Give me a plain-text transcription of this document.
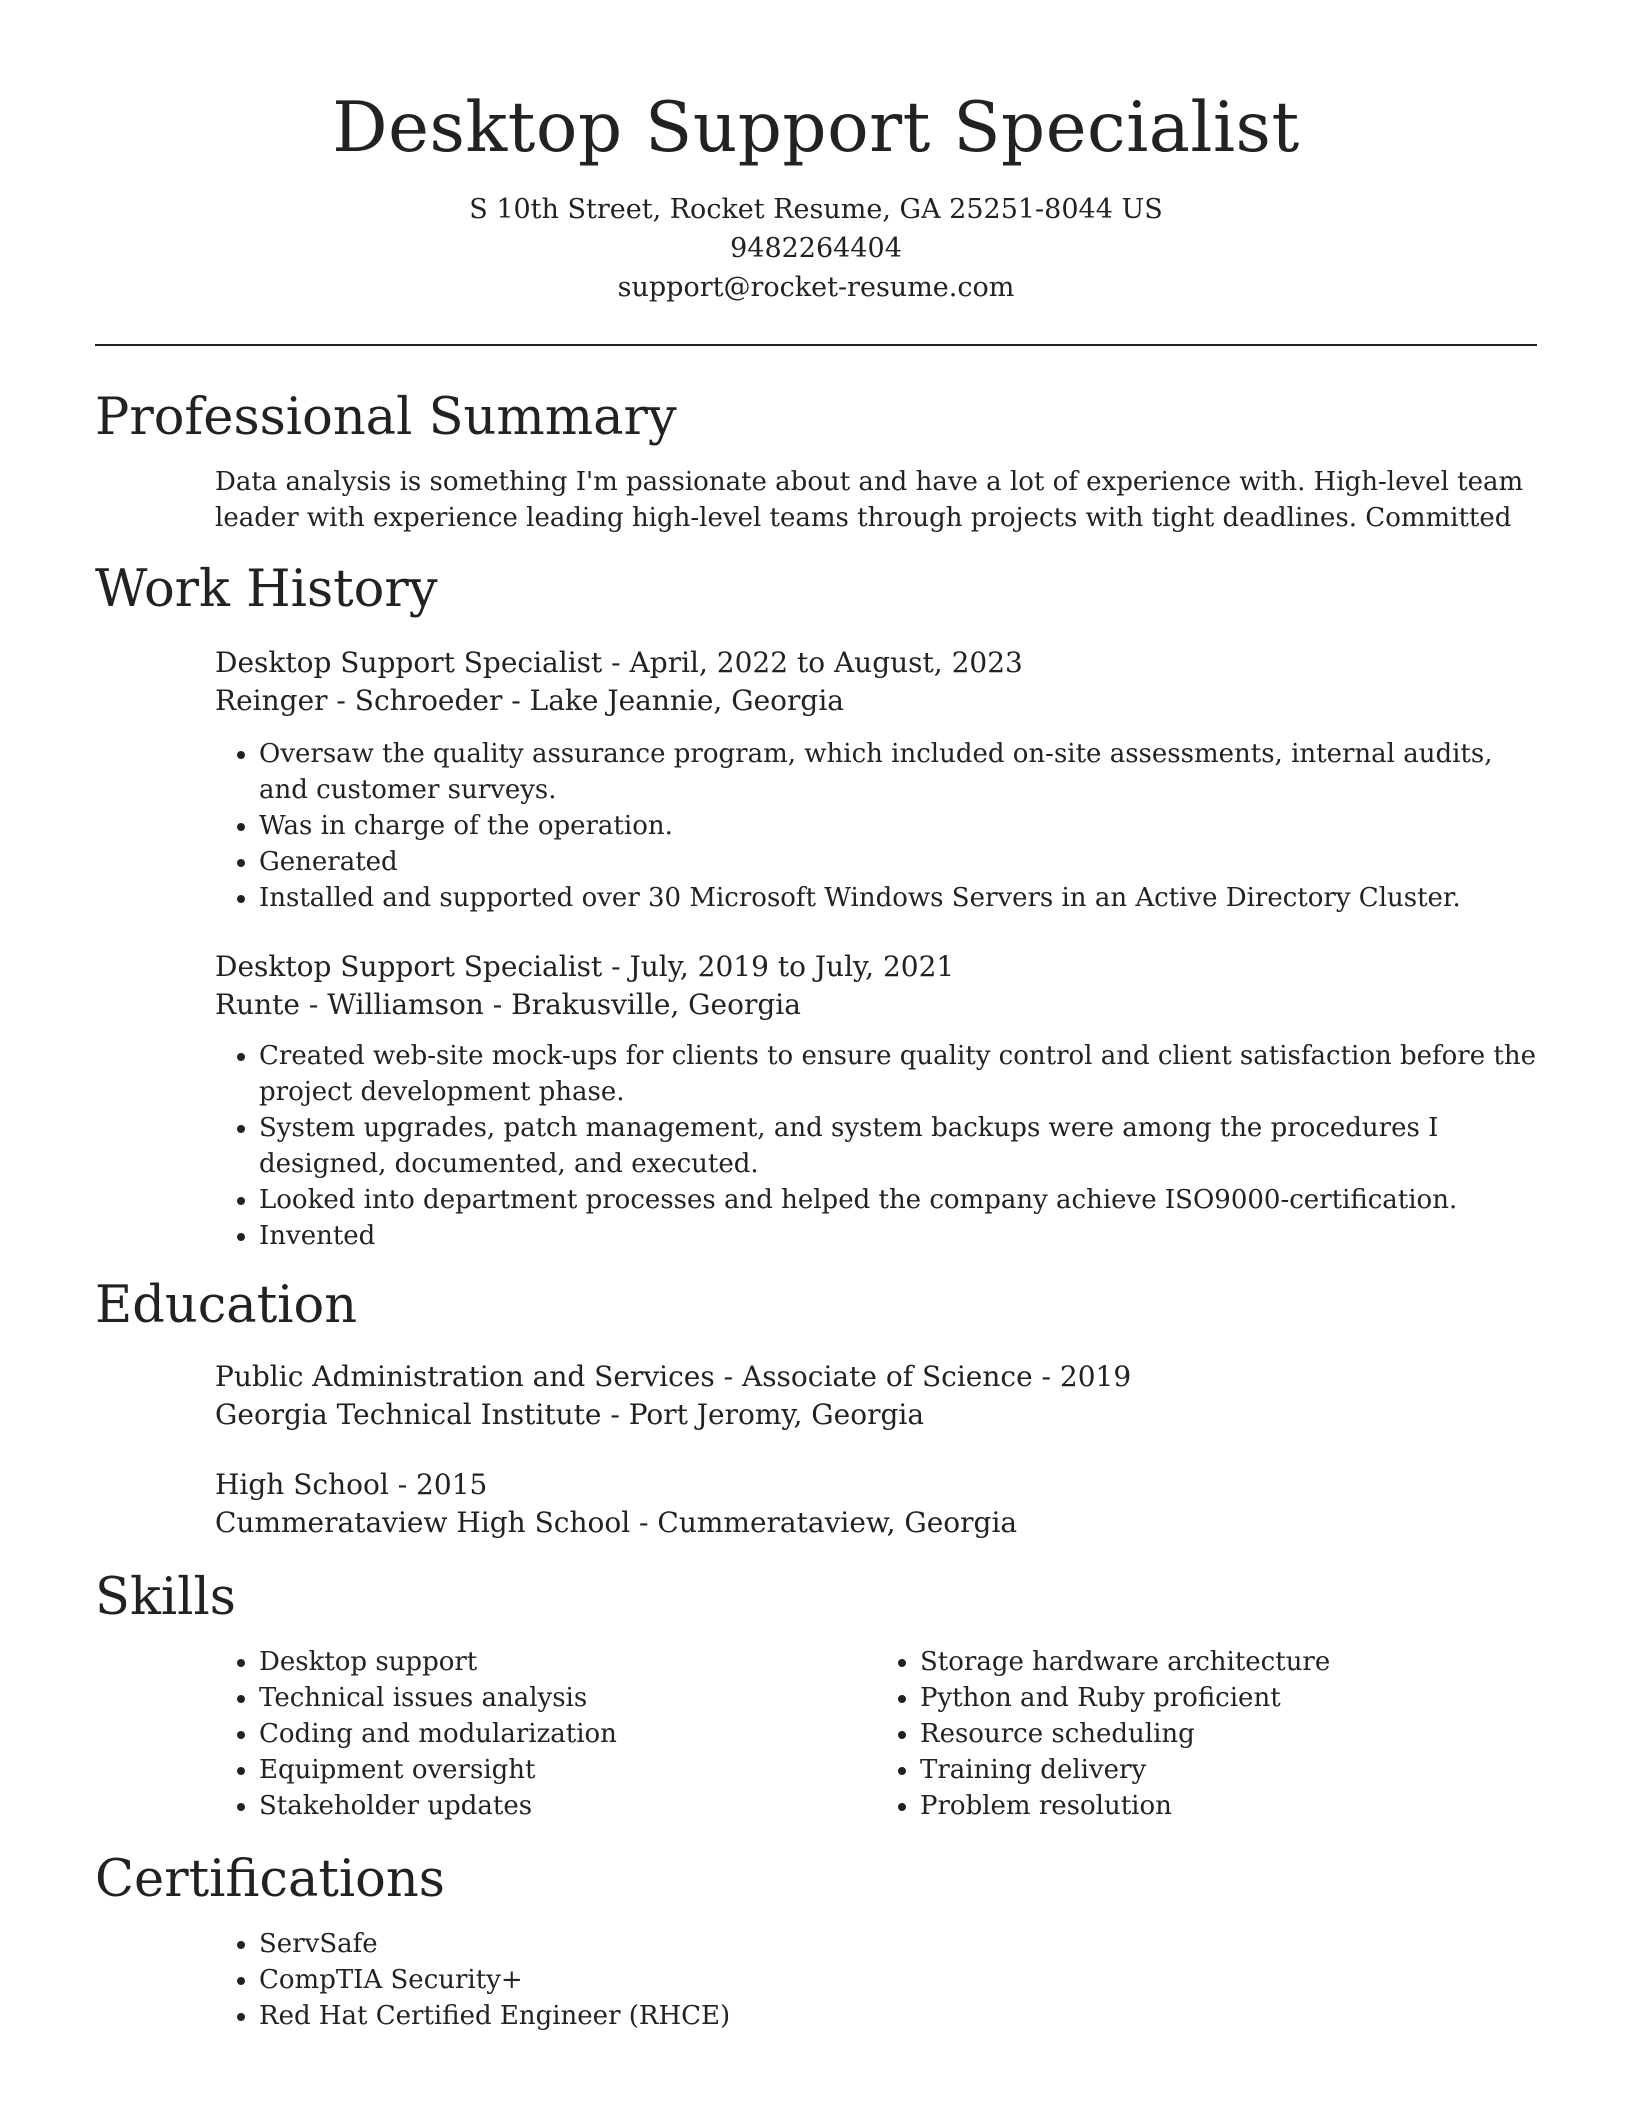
Desktop Support Specialist
S 10th Street, Rocket Resume, GA 25251-8044 US
9482264404
support@rocket-resume.com
Professional Summary

Data analysis is something I'm passionate about and have a lot of experience with. High-level team leader with experience leading high-level teams through projects with tight deadlines. Committed

Work History
Desktop Support Specialist - April, 2022 to August, 2023
Reinger - Schroeder - Lake Jeannie, Georgia
• Oversaw the quality assurance program, which included on-site assessments, internal audits, and customer surveys.
• Was in charge of the operation.
• Generated
• Installed and supported over 30 Microsoft Windows Servers in an Active Directory Cluster.
Desktop Support Specialist - July, 2019 to July, 2021
Runte - Williamson - Brakusville, Georgia
• Created web-site mock-ups for clients to ensure quality control and client satisfaction before the project development phase.
• System upgrades, patch management, and system backups were among the procedures I designed, documented, and executed.
• Looked into department processes and helped the company achieve ISO9000-certification.
• Invented
Education
Public Administration and Services - Associate of Science - 2019
Georgia Technical Institute - Port Jeromy, Georgia
High School - 2015
Cummerataview High School - Cummerataview, Georgia
Skills
• Desktop support
• Technical issues analysis
• Coding and modularization
• Equipment oversight
• Stakeholder updates
• Storage hardware architecture
• Python and Ruby proficient
• Resource scheduling
• Training delivery
• Problem resolution
Certifications
• ServSafe
• CompTIA Security+
• Red Hat Certified Engineer (RHCE)
